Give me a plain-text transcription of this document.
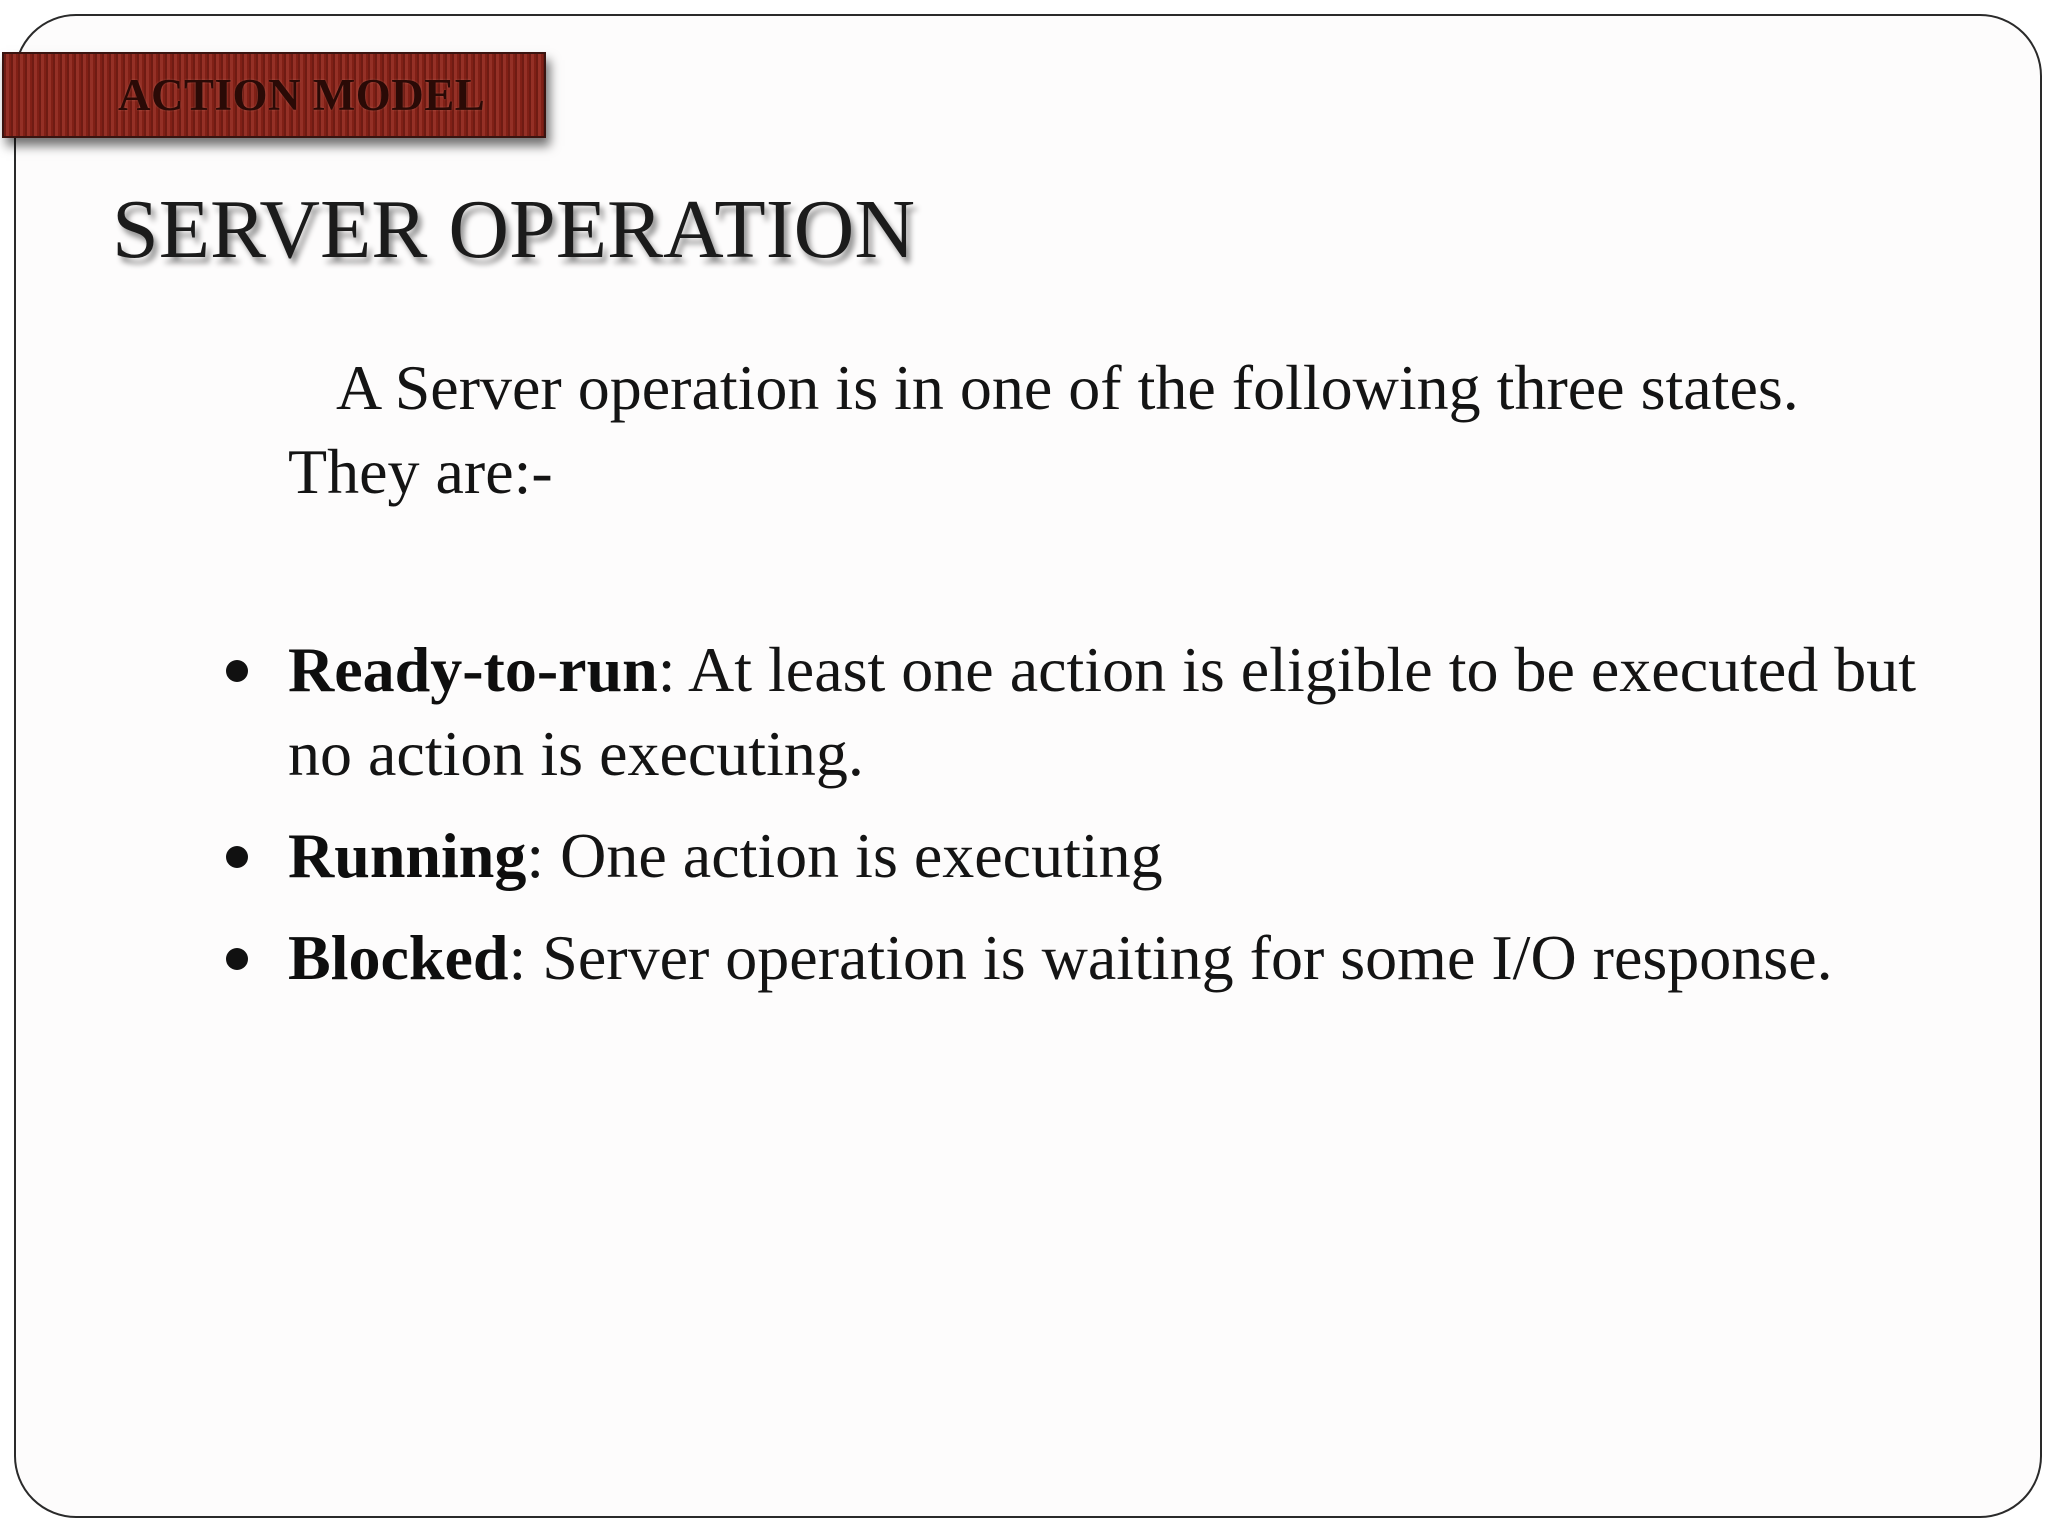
ACTION MODEL
SERVER OPERATION

A Server operation is in one of the following three states. They are:-

Ready-to-run: At least one action is eligible to be executed but no action is executing.
Running: One action is executing
Blocked: Server operation is waiting for some I/O response.
